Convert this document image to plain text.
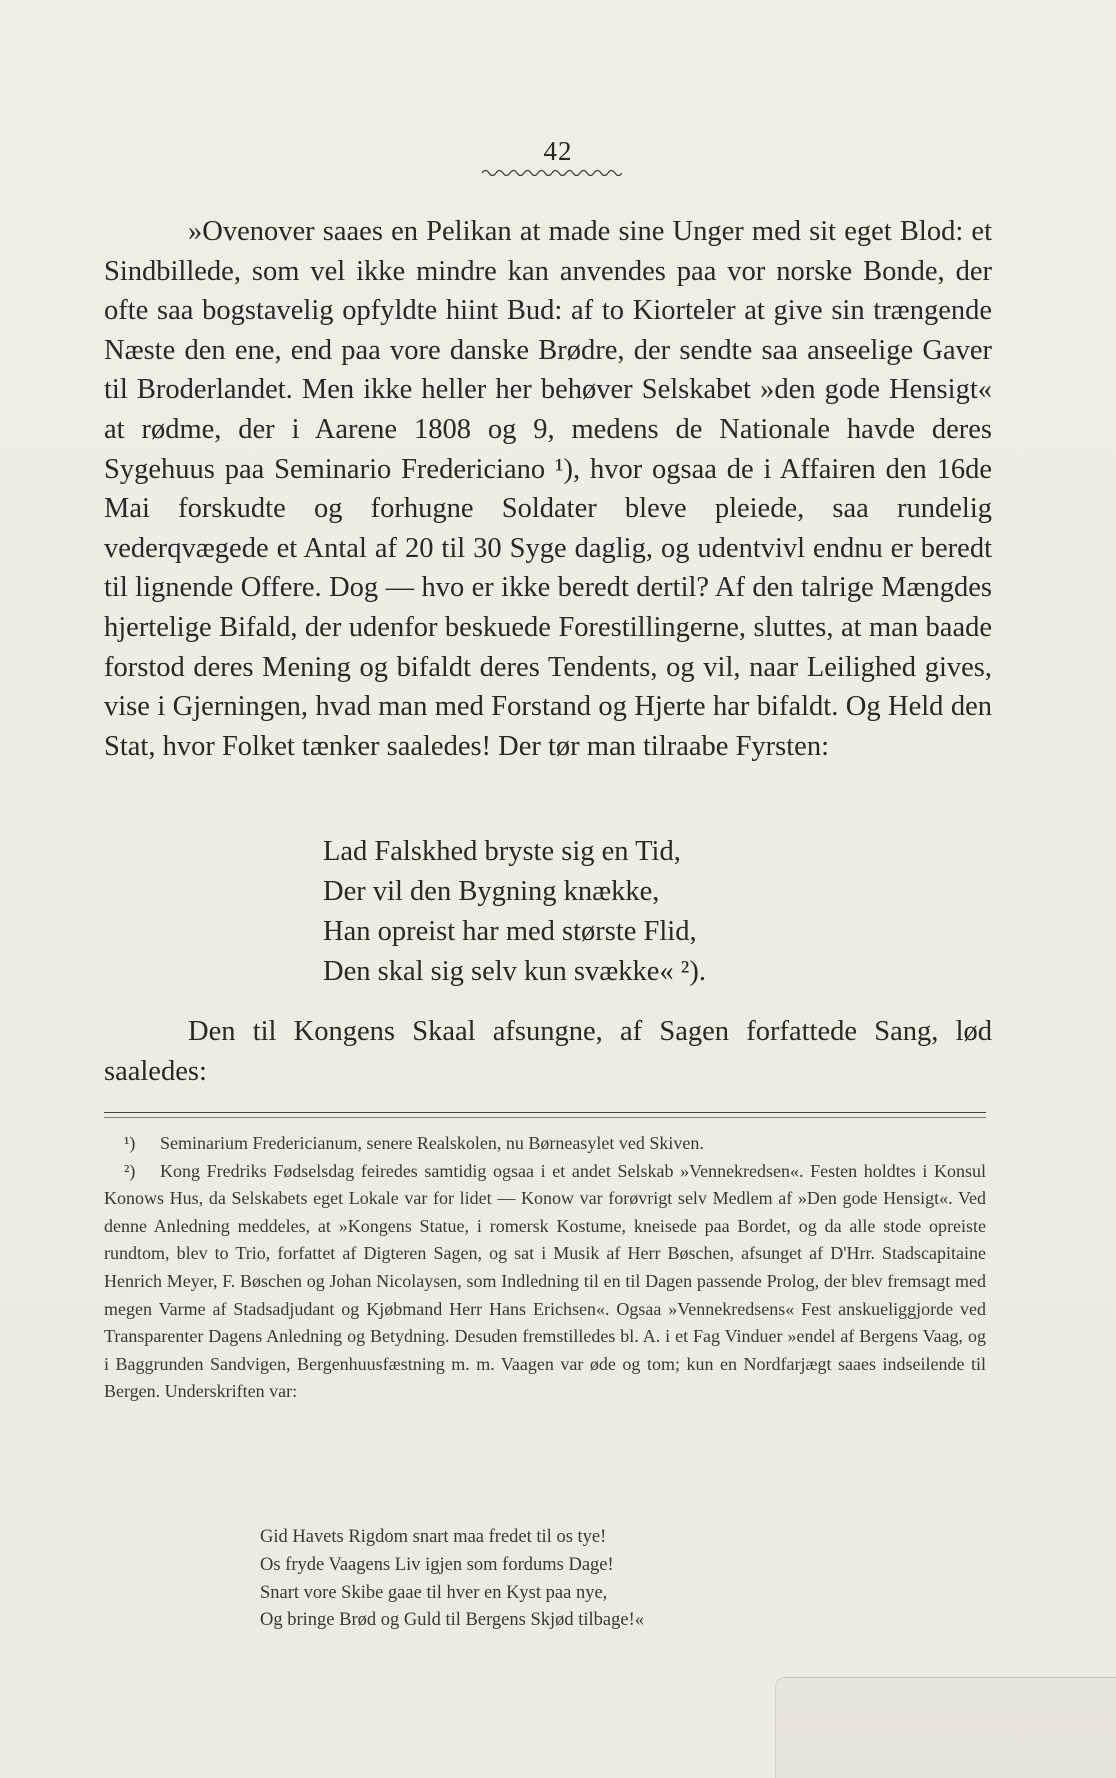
42

»Ovenover saaes en Pelikan at made sine Unger med sit eget Blod: et Sindbillede, som vel ikke mindre kan anvendes paa vor norske Bonde, der ofte saa bogstavelig opfyldte hiint Bud: af to Kiorteler at give sin trængende Næste den ene, end paa vore danske Brødre, der sendte saa anseelige Gaver til Broderlandet. Men ikke heller her behøver Selskabet »den gode Hensigt« at rødme, der i Aarene 1808 og 9, medens de Nationale havde deres Sygehuus paa Seminario Fredericiano ¹), hvor ogsaa de i Affairen den 16de Mai forskudte og forhugne Soldater bleve pleiede, saa rundelig vederqvægede et Antal af 20 til 30 Syge daglig, og udentvivl endnu er beredt til lignende Offere. Dog — hvo er ikke beredt dertil? Af den talrige Mængdes hjertelige Bifald, der udenfor beskuede Forestillingerne, sluttes, at man baade forstod deres Mening og bifaldt deres Tendents, og vil, naar Leilighed gives, vise i Gjerningen, hvad man med Forstand og Hjerte har bifaldt. Og Held den Stat, hvor Folket tænker saaledes! Der tør man tilraabe Fyrsten:

Lad Falskhed bryste sig en Tid,
Der vil den Bygning knække,
Han opreist har med største Flid,
Den skal sig selv kun svække« ²).

Den til Kongens Skaal afsungne, af Sagen forfattede Sang, lød saaledes:

¹) Seminarium Fredericianum, senere Realskolen, nu Børneasylet ved Skiven.

²) Kong Fredriks Fødselsdag feiredes samtidig ogsaa i et andet Selskab »Vennekredsen«. Festen holdtes i Konsul Konows Hus, da Selskabets eget Lokale var for lidet — Konow var forøvrigt selv Medlem af »Den gode Hensigt«. Ved denne Anledning meddeles, at »Kongens Statue, i romersk Kostume, kneisede paa Bordet, og da alle stode opreiste rundtom, blev to Trio, forfattet af Digteren Sagen, og sat i Musik af Herr Bøschen, afsunget af D'Hrr. Stadscapitaine Henrich Meyer, F. Bøschen og Johan Nicolaysen, som Indledning til en til Dagen passende Prolog, der blev fremsagt med megen Varme af Stadsadjudant og Kjøbmand Herr Hans Erichsen«. Ogsaa »Vennekredsens« Fest anskueliggjorde ved Transparenter Dagens Anledning og Betydning. Desuden fremstilledes bl. A. i et Fag Vinduer »endel af Bergens Vaag, og i Baggrunden Sandvigen, Bergenhuusfæstning m. m. Vaagen var øde og tom; kun en Nordfarjægt saaes indseilende til Bergen. Underskriften var:

Gid Havets Rigdom snart maa fredet til os tye!
Os fryde Vaagens Liv igjen som fordums Dage!
Snart vore Skibe gaae til hver en Kyst paa nye,
Og bringe Brød og Guld til Bergens Skjød tilbage!«
